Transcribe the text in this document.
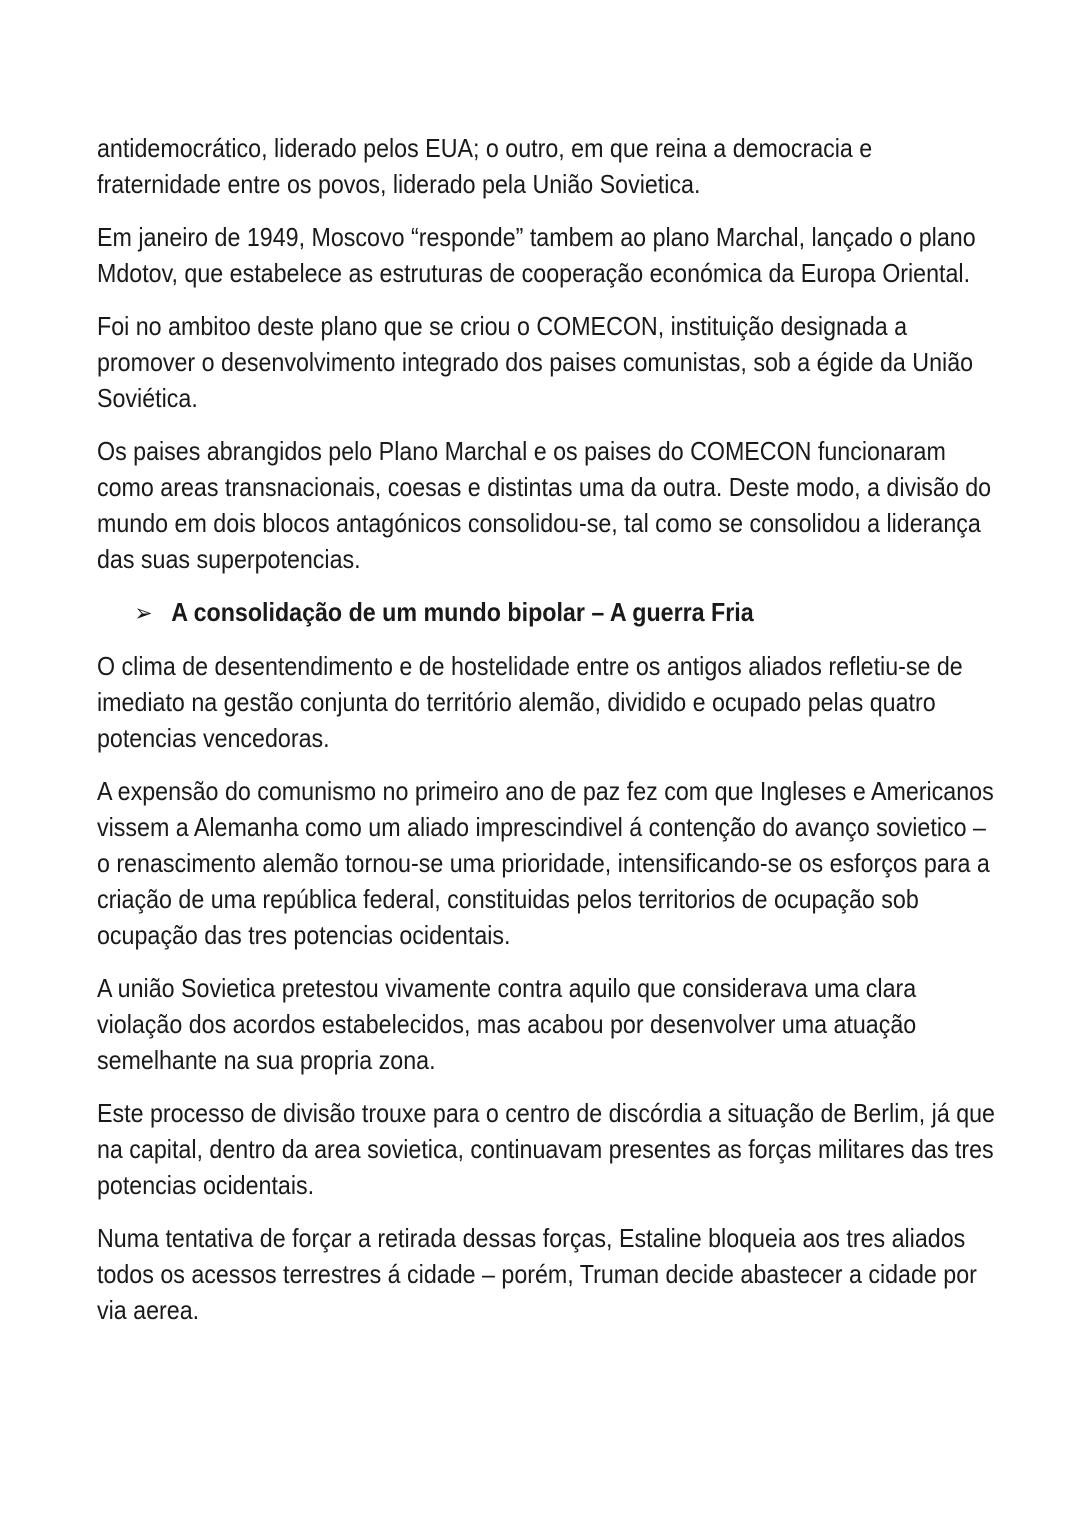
antidemocrático, liderado pelos EUA; o outro, em que reina a democracia e fraternidade entre os povos, liderado pela União Sovietica.

Em janeiro de 1949, Moscovo “responde” tambem ao plano Marchal, lançado o plano Mdotov, que estabelece as estruturas de cooperação económica da Europa Oriental.

Foi no ambitoo deste plano que se criou o COMECON, instituição designada a promover o desenvolvimento integrado dos paises comunistas, sob a égide da União Soviética.

Os paises abrangidos pelo Plano Marchal e os paises do COMECON funcionaram como areas transnacionais, coesas e distintas uma da outra. Deste modo, a divisão do mundo em dois blocos antagónicos consolidou-se, tal como se consolidou a liderança das suas superpotencias.

➢ A consolidação de um mundo bipolar – A guerra Fria

O clima de desentendimento e de hostelidade entre os antigos aliados refletiu-se de imediato na gestão conjunta do território alemão, dividido e ocupado pelas quatro potencias vencedoras.

A expensão do comunismo no primeiro ano de paz fez com que Ingleses e Americanos vissem a Alemanha como um aliado imprescindivel á contenção do avanço sovietico – o renascimento alemão tornou-se uma prioridade, intensificando-se os esforços para a criação de uma república federal, constituidas pelos territorios de ocupação sob ocupação das tres potencias ocidentais.

A união Sovietica pretestou vivamente contra aquilo que considerava uma clara violação dos acordos estabelecidos, mas acabou por desenvolver uma atuação semelhante na sua propria zona.

Este processo de divisão trouxe para o centro de discórdia a situação de Berlim, já que na capital, dentro da area sovietica, continuavam presentes as forças militares das tres potencias ocidentais.

Numa tentativa de forçar a retirada dessas forças, Estaline bloqueia aos tres aliados todos os acessos terrestres á cidade – porém, Truman decide abastecer a cidade por via aerea.
